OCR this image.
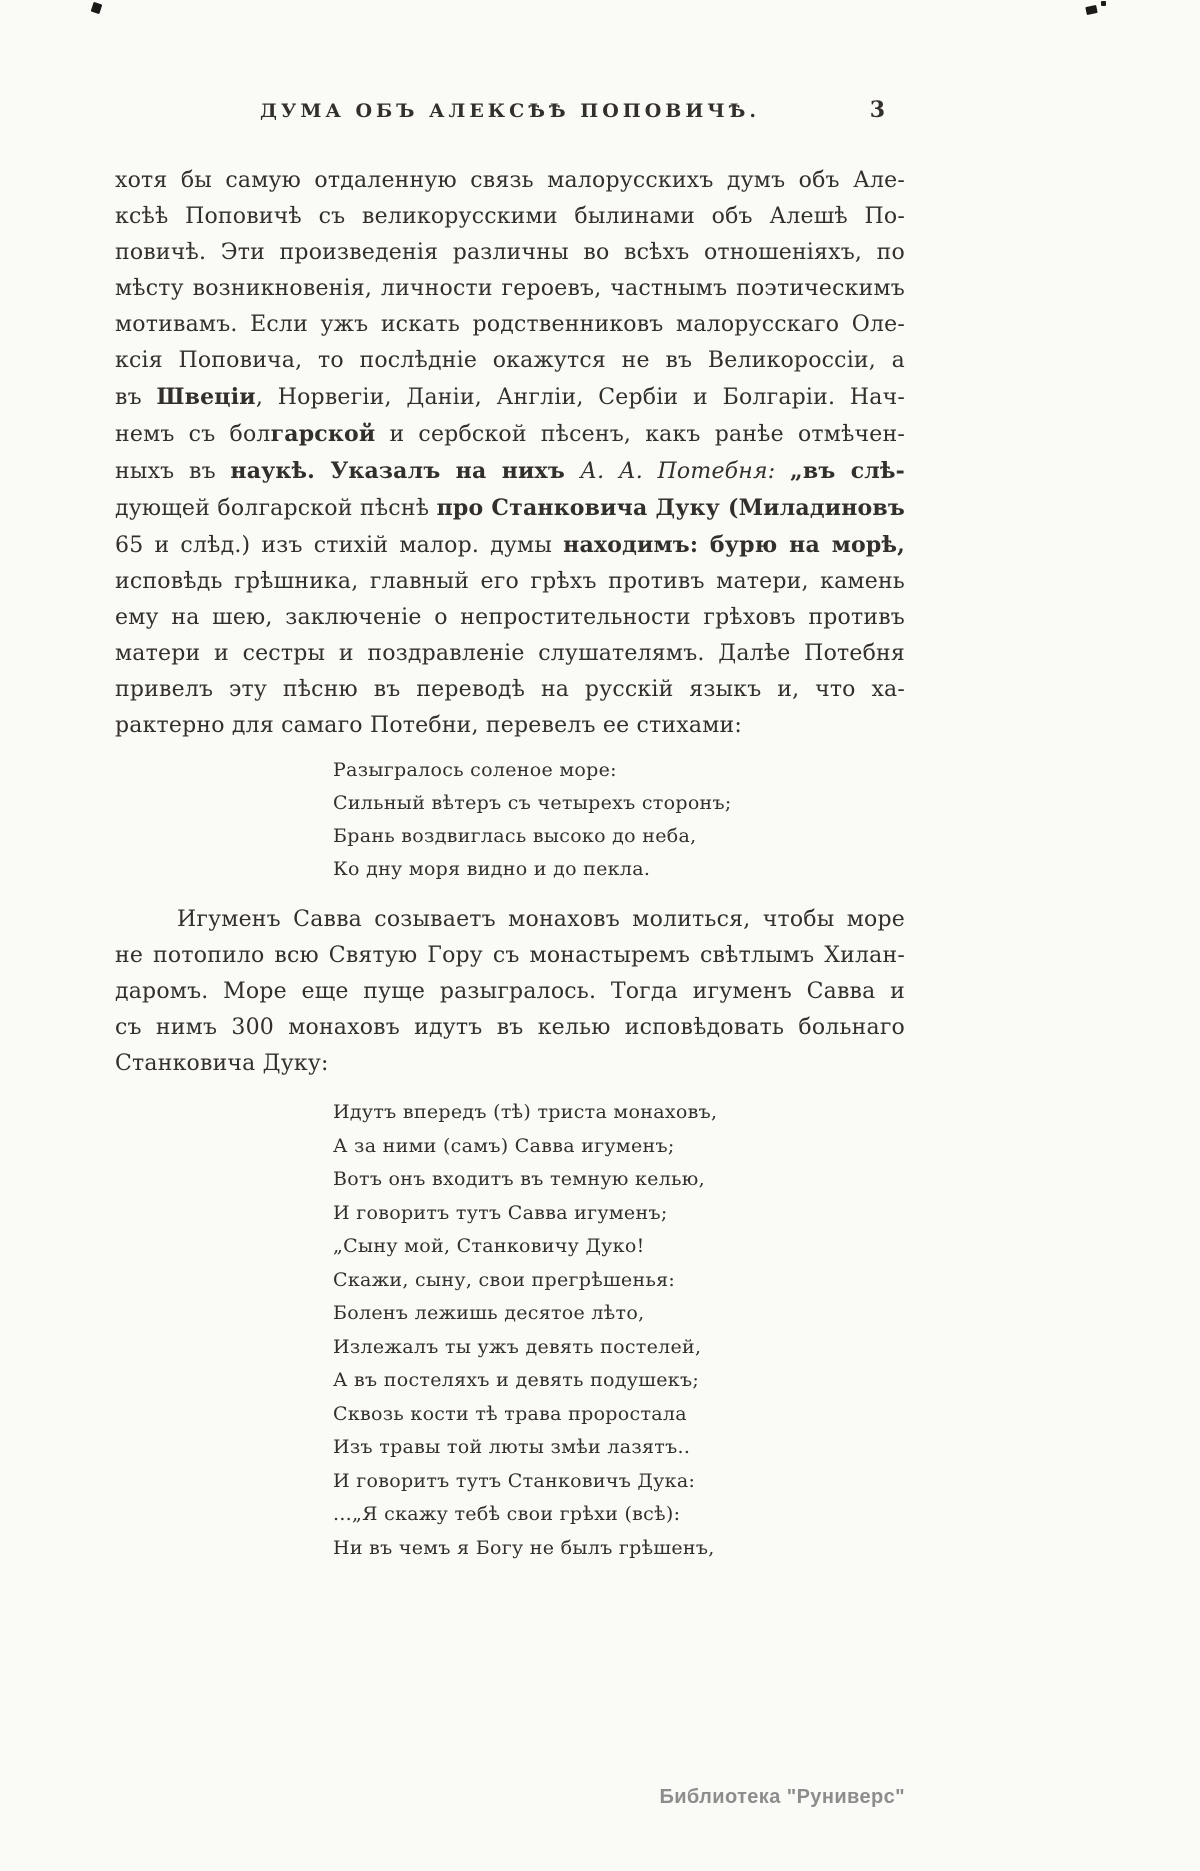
ДУМА ОБЪ АЛЕКСѢѢ ПОПОВИЧѢ.	3
хотя бы самую отдаленную связь малорусскихъ думъ объ Але-
ксѣѣ Поповичѣ съ великорусскими былинами объ Алешѣ По-
повичѣ. Эти произведенія различны во всѣхъ отношеніяхъ, по
мѣсту возникновенія, личности героевъ, частнымъ поэтическимъ
мотивамъ. Если ужъ искать родственниковъ малорусскаго Оле-
ксія Поповича, то послѣдніе окажутся не въ Великороссіи, а
въ Швеціи, Норвегіи, Даніи, Англіи, Сербіи и Болгаріи. Нач-
немъ съ болгарской и сербской пѣсенъ, какъ ранѣе отмѣчен-
ныхъ въ наукѣ. Указалъ на нихъ А. А. Потебня: „въ слѣ-
дующей болгарской пѣснѣ про Станковича Дуку (Миладиновъ
65 и слѣд.) изъ стихій малор. думы находимъ: бурю на морѣ,
исповѣдь грѣшника, главный его грѣхъ противъ матери, камень
ему на шею, заключеніе о непростительности грѣховъ противъ
матери и сестры и поздравленіе слушателямъ. Далѣе Потебня
привелъ эту пѣсню въ переводѣ на русскій языкъ и, что ха-
рактерно для самаго Потебни, перевелъ ее стихами:
Разыгралось соленое море:
Сильный вѣтеръ съ четырехъ сторонъ;
Брань воздвиглась высоко до неба,
Ко дну моря видно и до пекла.
Игуменъ Савва созываетъ монаховъ молиться, чтобы море
не потопило всю Святую Гору съ монастыремъ свѣтлымъ Хилан-
даромъ. Море еще пуще разыгралось. Тогда игуменъ Савва и
съ нимъ 300 монаховъ идутъ въ келью исповѣдовать больнаго
Станковича Дуку:
Идутъ впередъ (тѣ) триста монаховъ,
А за ними (самъ) Савва игуменъ;
Вотъ онъ входитъ въ темную келью,
И говоритъ тутъ Савва игуменъ;
„Сыну мой, Станковичу Дуко!
Скажи, сыну, свои прегрѣшенья:
Боленъ лежишь десятое лѣто,
Излежалъ ты ужъ девять постелей,
А въ постеляхъ и девять подушекъ;
Сквозь кости тѣ трава проростала
Изъ травы той люты змѣи лазятъ..
И говоритъ тутъ Станковичъ Дука:
...„Я скажу тебѣ свои грѣхи (всѣ):
Ни въ чемъ я Богу не былъ грѣшенъ,
Библиотека "Руниверс"
